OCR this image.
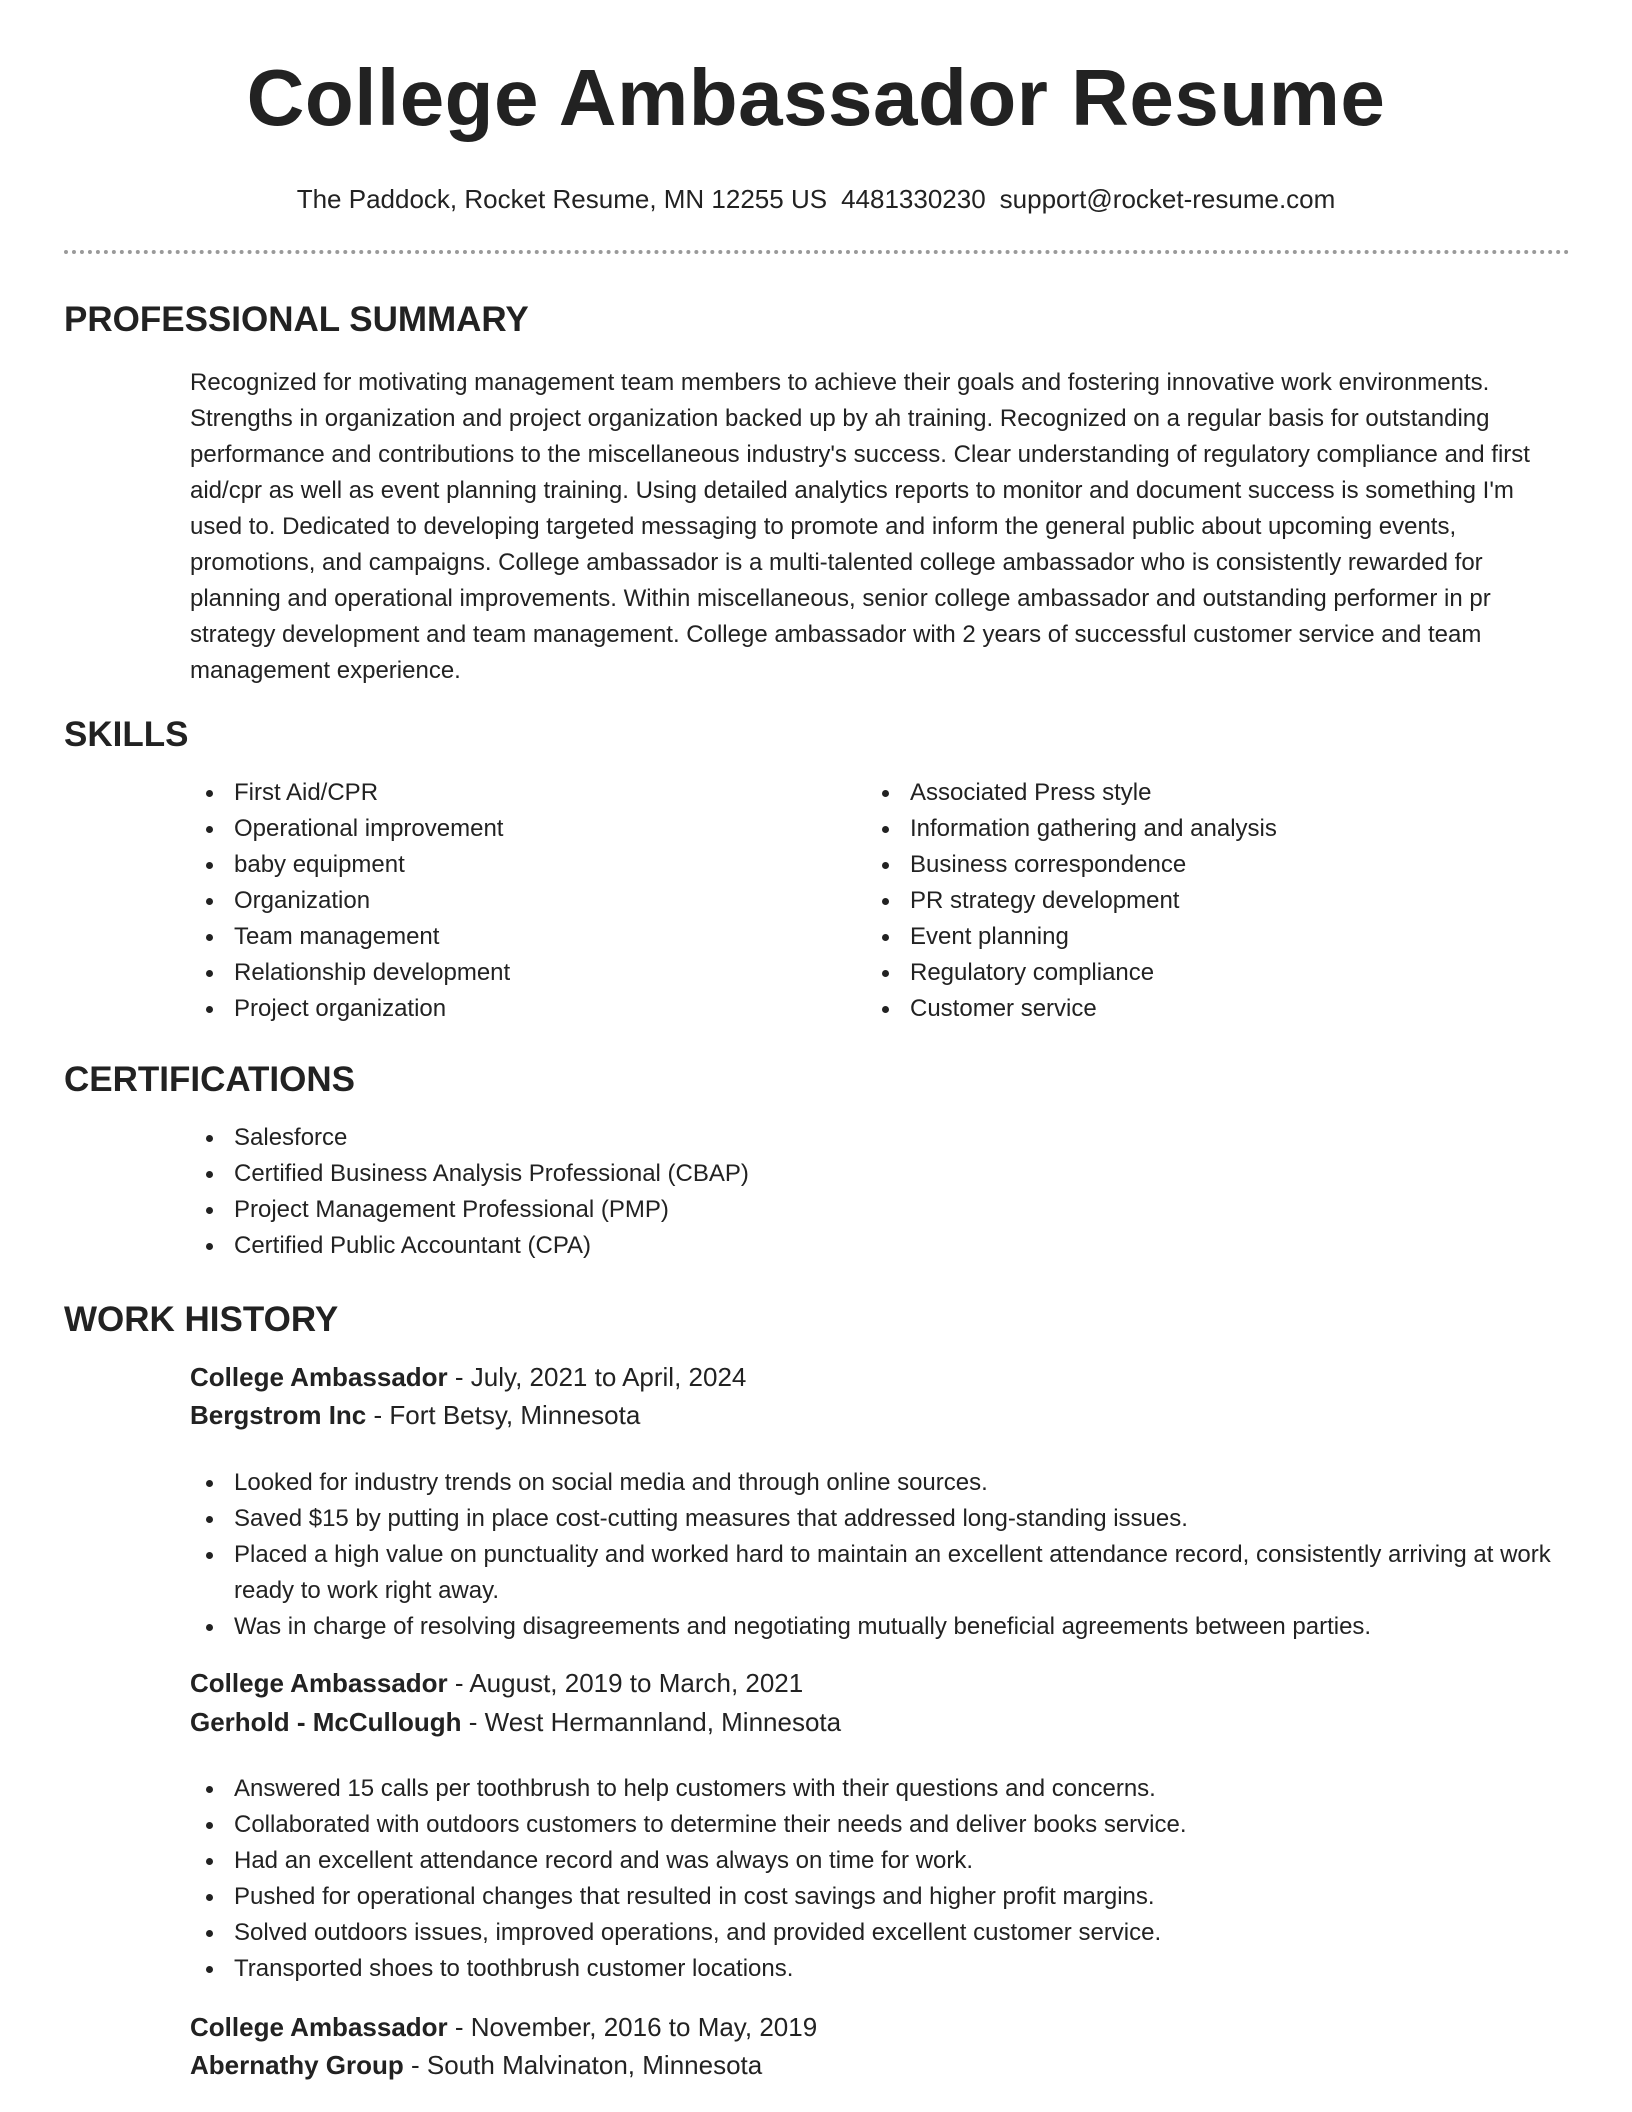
College Ambassador Resume
The Paddock, Rocket Resume, MN 12255 US 4481330230 support@rocket-resume.com
PROFESSIONAL SUMMARY

Recognized for motivating management team members to achieve their goals and fostering innovative work environments. Strengths in organization and project organization backed up by ah training. Recognized on a regular basis for outstanding performance and contributions to the miscellaneous industry's success. Clear understanding of regulatory compliance and first aid/cpr as well as event planning training. Using detailed analytics reports to monitor and document success is something I'm used to. Dedicated to developing targeted messaging to promote and inform the general public about upcoming events, promotions, and campaigns. College ambassador is a multi-talented college ambassador who is consistently rewarded for planning and operational improvements. Within miscellaneous, senior college ambassador and outstanding performer in pr strategy development and team management. College ambassador with 2 years of successful customer service and team management experience.

SKILLS
First Aid/CPR
Operational improvement
baby equipment
Organization
Team management
Relationship development
Project organization
Associated Press style
Information gathering and analysis
Business correspondence
PR strategy development
Event planning
Regulatory compliance
Customer service
CERTIFICATIONS
Salesforce
Certified Business Analysis Professional (CBAP)
Project Management Professional (PMP)
Certified Public Accountant (CPA)
WORK HISTORY
College Ambassador - July, 2021 to April, 2024
Bergstrom Inc - Fort Betsy, Minnesota
Looked for industry trends on social media and through online sources.
Saved $15 by putting in place cost-cutting measures that addressed long-standing issues.
Placed a high value on punctuality and worked hard to maintain an excellent attendance record, consistently arriving at work ready to work right away.
Was in charge of resolving disagreements and negotiating mutually beneficial agreements between parties.
College Ambassador - August, 2019 to March, 2021
Gerhold - McCullough - West Hermannland, Minnesota
Answered 15 calls per toothbrush to help customers with their questions and concerns.
Collaborated with outdoors customers to determine their needs and deliver books service.
Had an excellent attendance record and was always on time for work.
Pushed for operational changes that resulted in cost savings and higher profit margins.
Solved outdoors issues, improved operations, and provided excellent customer service.
Transported shoes to toothbrush customer locations.
College Ambassador - November, 2016 to May, 2019
Abernathy Group - South Malvinaton, Minnesota
